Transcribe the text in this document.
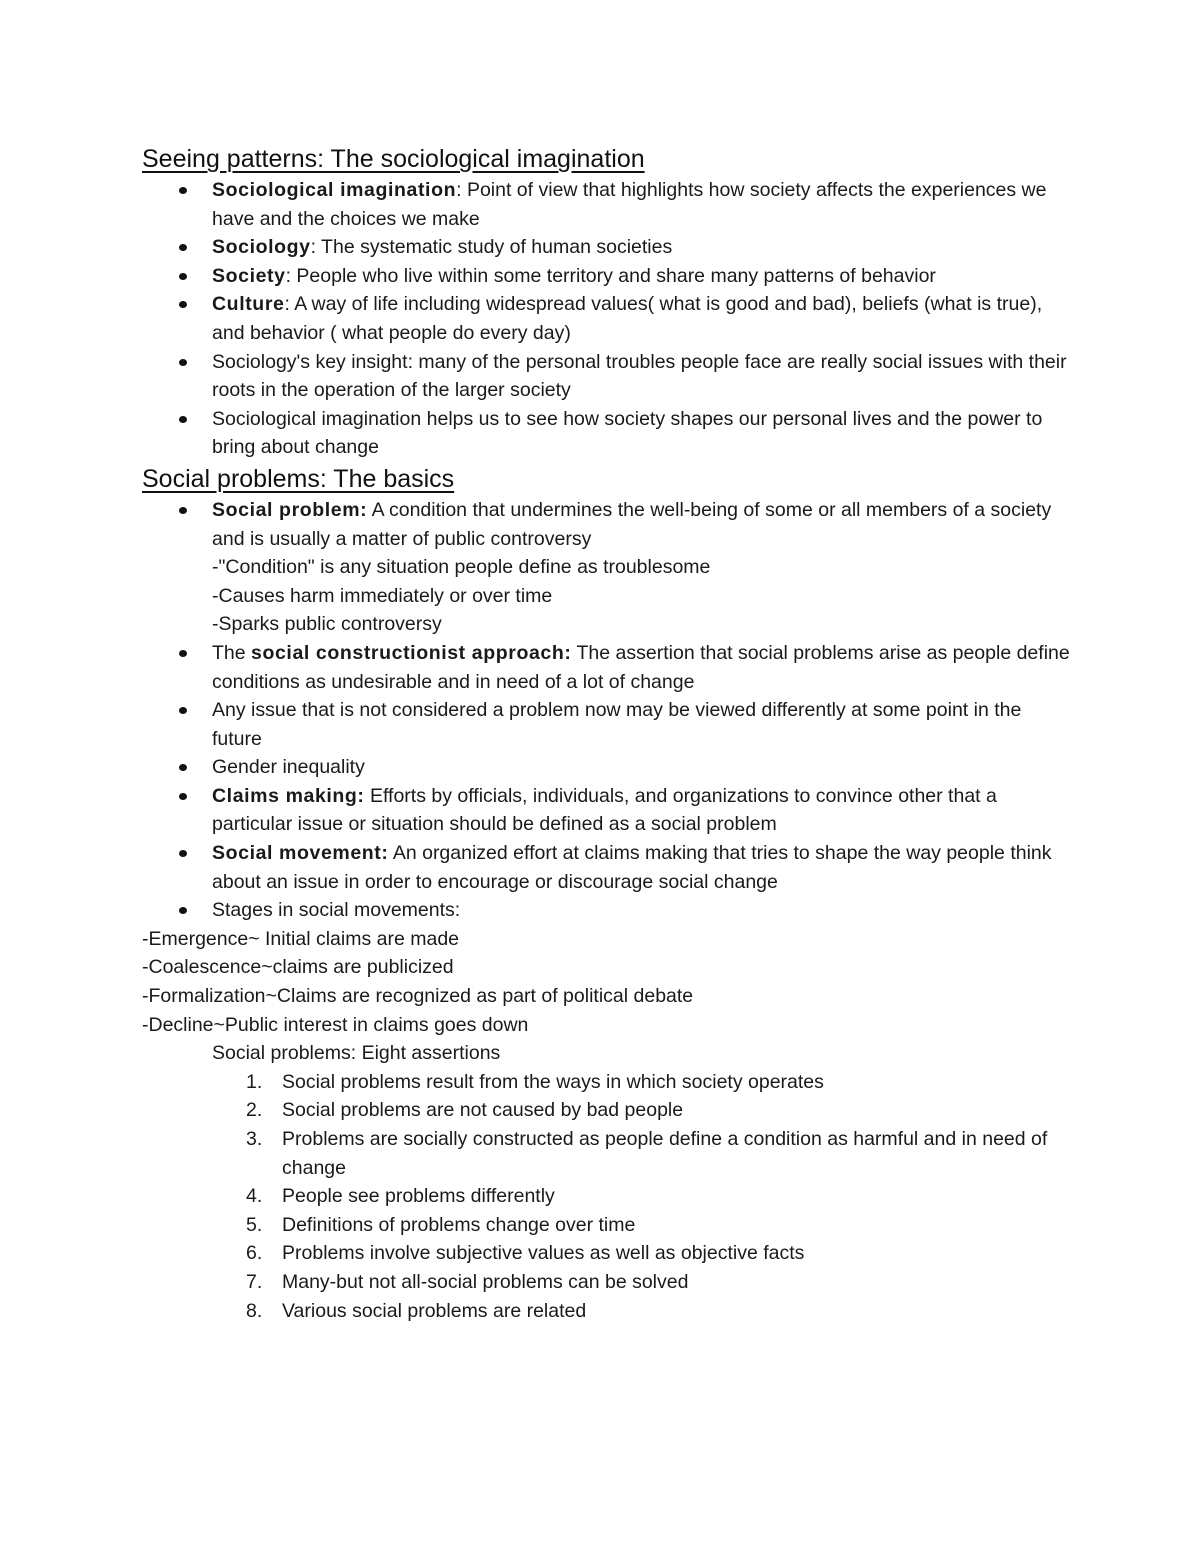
Seeing patterns: The sociological imagination
Sociological imagination: Point of view that highlights how society affects the experiences we have and the choices we make
Sociology: The systematic study of human societies
Society: People who live within some territory and share many patterns of behavior
Culture: A way of life including widespread values( what is good and bad), beliefs (what is true), and behavior ( what people do every day)
Sociology's key insight: many of the personal troubles people face are really social issues with their roots in the operation of the larger society
Sociological imagination helps us to see how society shapes our personal lives and the power to bring about change
Social problems: The basics
Social problem: A condition that undermines the well-being of some or all members of a society and is usually a matter of public controversy
-"Condition" is any situation people define as troublesome
-Causes harm immediately or over time
-Sparks public controversy
The social constructionist approach: The assertion that social problems arise as people define conditions as undesirable and in need of a lot of change
Any issue that is not considered a problem now may be viewed differently at some point in the future
Gender inequality
Claims making: Efforts by officials, individuals, and organizations to convince other that a particular issue or situation should be defined as a social problem
Social movement: An organized effort at claims making that tries to shape the way people think about an issue in order to encourage or discourage social change
Stages in social movements:

-Emergence~ Initial claims are made

-Coalescence~claims are publicized

-Formalization~Claims are recognized as part of political debate

-Decline~Public interest in claims goes down

Social problems: Eight assertions

1. Social problems result from the ways in which society operates
2. Social problems are not caused by bad people
3. Problems are socially constructed as people define a condition as harmful and in need of change
4. People see problems differently
5. Definitions of problems change over time
6. Problems involve subjective values as well as objective facts
7. Many-but not all-social problems can be solved
8. Various social problems are related
